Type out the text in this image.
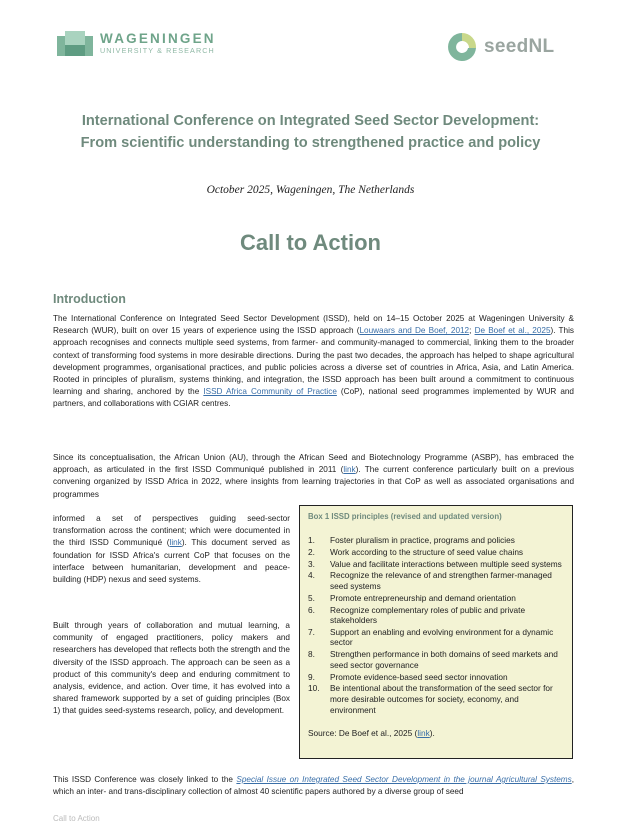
WAGENINGEN
UNIVERSITY & RESEARCH	seedNL
International Conference on Integrated Seed Sector Development:
From scientific understanding to strengthened practice and policy
October 2025, Wageningen, The Netherlands
Call to Action
Introduction
The International Conference on Integrated Seed Sector Development (ISSD), held on 14–15 October 2025 at Wageningen University & Research (WUR), built on over 15 years of experience using the ISSD approach (Louwaars and De Boef, 2012; De Boef et al., 2025). This approach recognises and connects multiple seed systems, from farmer- and community-managed to commercial, linking them to the broader context of transforming food systems in more desirable directions. During the past two decades, the approach has helped to shape agricultural development programmes, organisational practices, and public policies across a diverse set of countries in Africa, Asia, and Latin America. Rooted in principles of pluralism, systems thinking, and integration, the ISSD approach has been built around a commitment to continuous learning and sharing, anchored by the ISSD Africa Community of Practice (CoP), national seed programmes implemented by WUR and partners, and collaborations with CGIAR centres.
Since its conceptualisation, the African Union (AU), through the African Seed and Biotechnology Programme (ASBP), has embraced the approach, as articulated in the first ISSD Communiqué published in 2011 (link). The current conference particularly built on a previous convening organized by ISSD Africa in 2022, where insights from learning trajectories in that CoP as well as associated organisations and programmes
informed a set of perspectives guiding seed-sector transformation across the continent; which were documented in the third ISSD Communiqué (link). This document served as foundation for ISSD Africa's current CoP that focuses on the interface between humanitarian, development and peace-building (HDP) nexus and seed systems.
Built through years of collaboration and mutual learning, a community of engaged practitioners, policy makers and researchers has developed that reflects both the strength and the diversity of the ISSD approach. The approach can be seen as a product of this community's deep and enduring commitment to analysis, evidence, and action. Over time, it has evolved into a shared framework supported by a set of guiding principles (Box 1) that guides seed-systems research, policy, and development.
Box 1 ISSD principles (revised and updated version)
1.	Foster pluralism in practice, programs and policies
2.	Work according to the structure of seed value chains
3.	Value and facilitate interactions between multiple seed systems
4.	Recognize the relevance of and strengthen farmer-managed seed systems
5.	Promote entrepreneurship and demand orientation
6.	Recognize complementary roles of public and private stakeholders
7.	Support an enabling and evolving environment for a dynamic sector
8.	Strengthen performance in both domains of seed markets and seed sector governance
9.	Promote evidence-based seed sector innovation
10.	Be intentional about the transformation of the seed sector for more desirable outcomes for society, economy, and environment
Source: De Boef et al., 2025 (link).
This ISSD Conference was closely linked to the Special Issue on Integrated Seed Sector Development in the journal Agricultural Systems, which an inter- and trans-disciplinary collection of almost 40 scientific papers authored by a diverse group of seed
Call to Action
